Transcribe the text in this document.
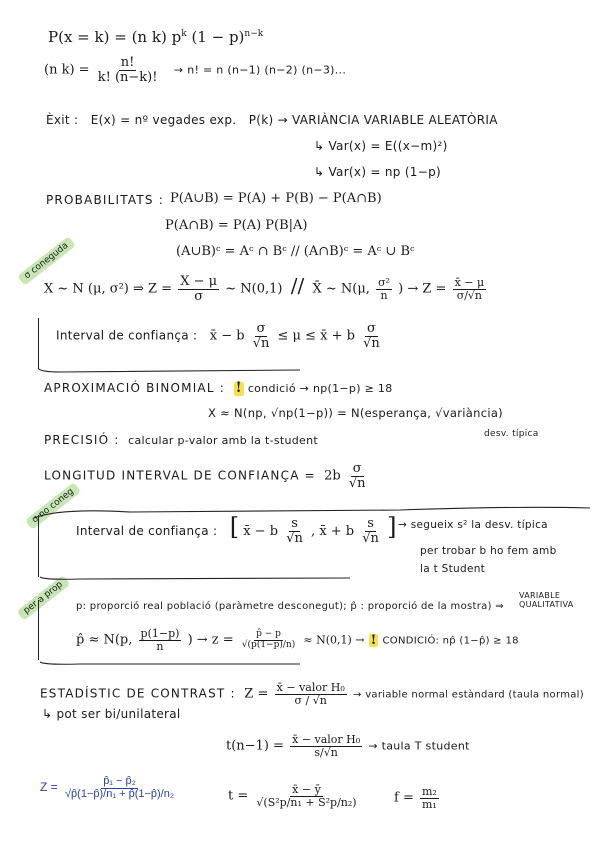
P(x = k) = (n k) $p^k$ $(1 - p)^{n-k}$
(n $k) = \frac{n!}{k! (n-k)!} \to n$! = n (n−1) (n−2) (n−3)...
Èxit : E(x) = nº vegades exp. P(k) → VARIÀNCIA VARIABLE ALEATÒRIA
↳ Var(x) = E((x−m)²)
↳ Var(x) = np (1−p)
PROBABILITATS : P(A∪B) = P(A) + P(B) − P(A∩B)
P(A∩B) = P(A) P(B|A)
(A∪B)ᶜ = Aᶜ ∩ Bᶜ // (A∩B)ᶜ = Aᶜ ∪ Bᶜ
σ coneguda
X ~ N (μ, σ²) ⇒ $Z = \frac{X - \mu}{\sigma}$ ~ N(0,1) // X̄ ~ N(μ, $\frac{\text{σ²}}{n}$ ) → $Z = \frac{x̄ - \mu}{\sigma/√n}$
Interval de confiança : x̄ − b $\frac{\sigma}{√n} \le \mu$ ≤ x̄ + b $\frac{\sigma}{√n}$
APROXIMACIÓ BINOMIAL : ! condició → np(1−p) ≥ 18
X ≈ N(np, √np(1−p)) = N(esperança, √variància)
desv. típica
PRECISIÓ : calcular p-valor amb la t-student
LONGITUD INTERVAL DE CONFIANÇA = $2b \frac{\sigma}{√n}$
σ no coneg
Interval de confiança : [ x̄ − b $\frac{s}{√n}$ , x̄ + b $\frac{s}{√n}$ ] → segueix s² la desv. típica
per trobar b ho fem amb
la t Student
per a prop	p: proporció real població (paràmetre desconegut); p̂ : proporció de la mostra) ⇒
VARIABLE QUALITATIVA
p̂ ≈ N(p, $\frac{p(1-p)}{n}$ ) → $z = \frac{p̂ - p}{√(p(1-p)/n)} \approx N(0,1)$ → ! CONDICIÓ: np̂ (1−p̂) ≥ 18
ESTADÍSTIC DE CONTRAST : $Z = \frac{\text{x̄ − valor H₀}}{\sigma / √n}$ → variable normal estàndard (taula normal)
↳ pot ser bi/unilateral
$t(n-1) = \frac{\text{x̄ − valor H₀}}{s/√n}$ → taula T student
$Z = \frac{\text{p̂₁ − p̂₂}}{\text{√p̂(1−p̂)/n₁ + p̂(1−p̂)/n₂}}$	$t = \frac{x̄ - ȳ}{\text{√(S²p/n₁ + S²p/n₂)}}$	$f = \frac{\text{m₂}}{\text{m₁}}$
